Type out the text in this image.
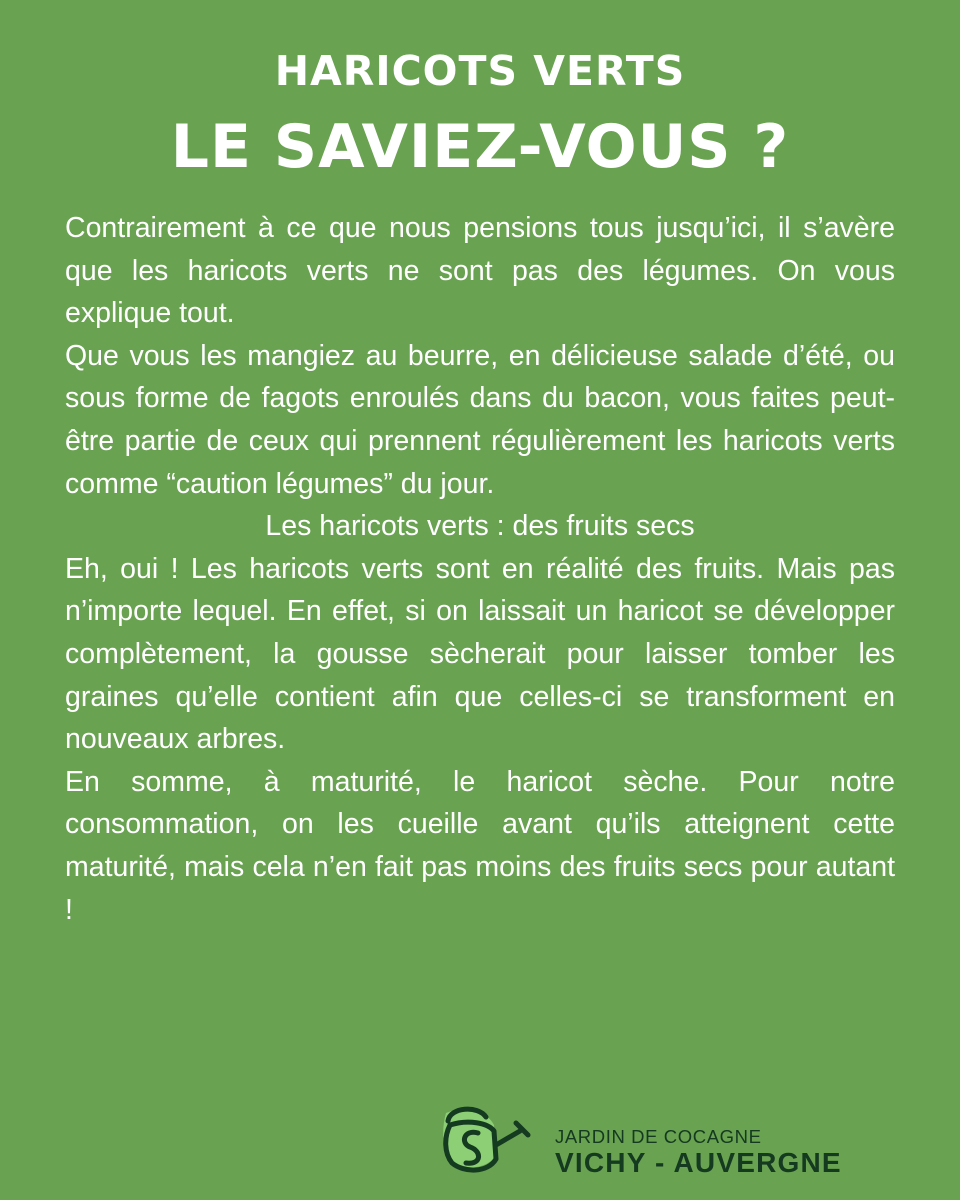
HARICOTS VERTS
LE SAVIEZ-VOUS ?

Contrairement à ce que nous pensions tous jusqu’ici, il s’avère que les haricots verts ne sont pas des légumes. On vous explique tout.

Que vous les mangiez au beurre, en délicieuse salade d’été, ou sous forme de fagots enroulés dans du bacon, vous faites peut-être partie de ceux qui prennent régulièrement les haricots verts comme “caution légumes” du jour.

Les haricots verts : des fruits secs

Eh, oui ! Les haricots verts sont en réalité des fruits. Mais pas n’importe lequel. En effet, si on laissait un haricot se développer complètement, la gousse sècherait pour laisser tomber les graines qu’elle contient afin que celles-ci se transforment en nouveaux arbres.

En somme, à maturité, le haricot sèche. Pour notre consommation, on les cueille avant qu’ils atteignent cette maturité, mais cela n’en fait pas moins des fruits secs pour autant !

JARDIN DE COCAGNE
VICHY - AUVERGNE
